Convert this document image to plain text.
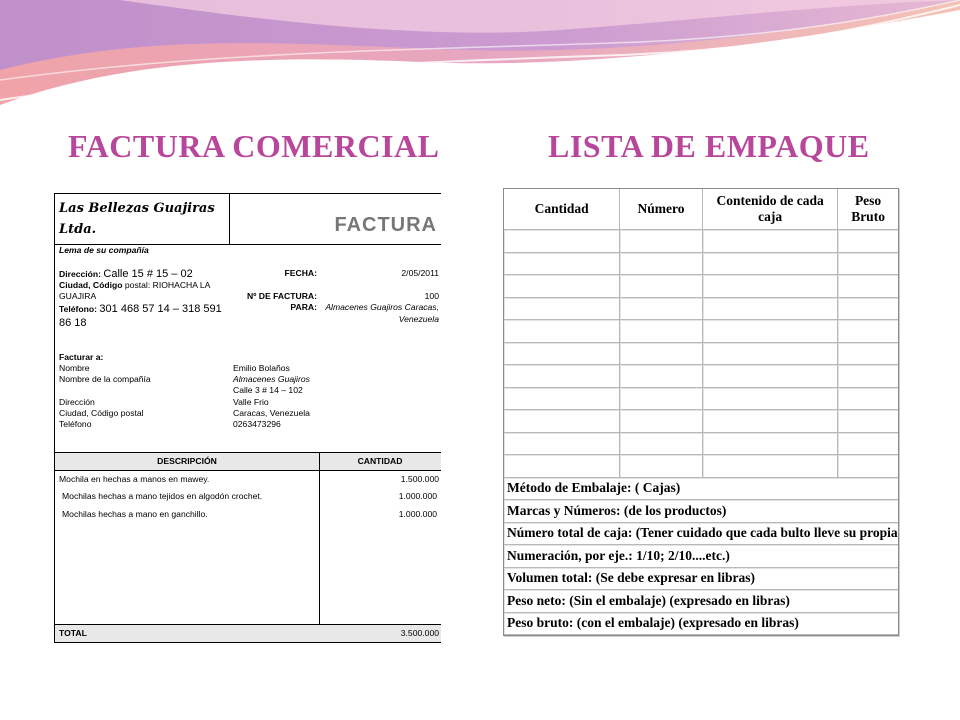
FACTURA COMERCIAL	LISTA DE EMPAQUE
Las Bellezas Guajiras
Ltda.	FACTURA
Lema de su compañía
Dirección: Calle 15 # 15 – 02
Ciudad, Código postal: RIOHACHA LA
GUAJIRA
Teléfono: 301 468 57 14 – 318 591
86 18
FECHA:	2/05/2011
Nº DE FACTURA:	100
PARA: Almacenes Guajiros Caracas,
Venezuela
Facturar a:
Nombre	Emilio Bolaños
Nombre de la compañía	Almacenes Guajiros
Calle 3 # 14 – 102
Dirección	Valle Frio
Ciudad, Código postal	Caracas, Venezuela
Teléfono	0263473296
DESCRIPCIÓN	CANTIDAD
Mochila en hechas a manos en mawey.	1.500.000
Mochilas hechas a mano tejidos en algodón crochet.	1.000.000
Mochilas hechas a mano en ganchillo.	1.000.000
TOTAL	3.500.000
Cantidad	Número	Contenido de cada caja	Peso Bruto

Método de Embalaje: ( Cajas)			
Marcas y Números: (de los productos)			
Número total de caja: (Tener cuidado que cada bulto lleve su propia			
Numeración, por eje.: 1/10; 2/10....etc.)			
Volumen total: (Se debe expresar en libras)			
Peso neto: (Sin el embalaje) (expresado en libras)			
Peso bruto: (con el embalaje) (expresado en libras)			
